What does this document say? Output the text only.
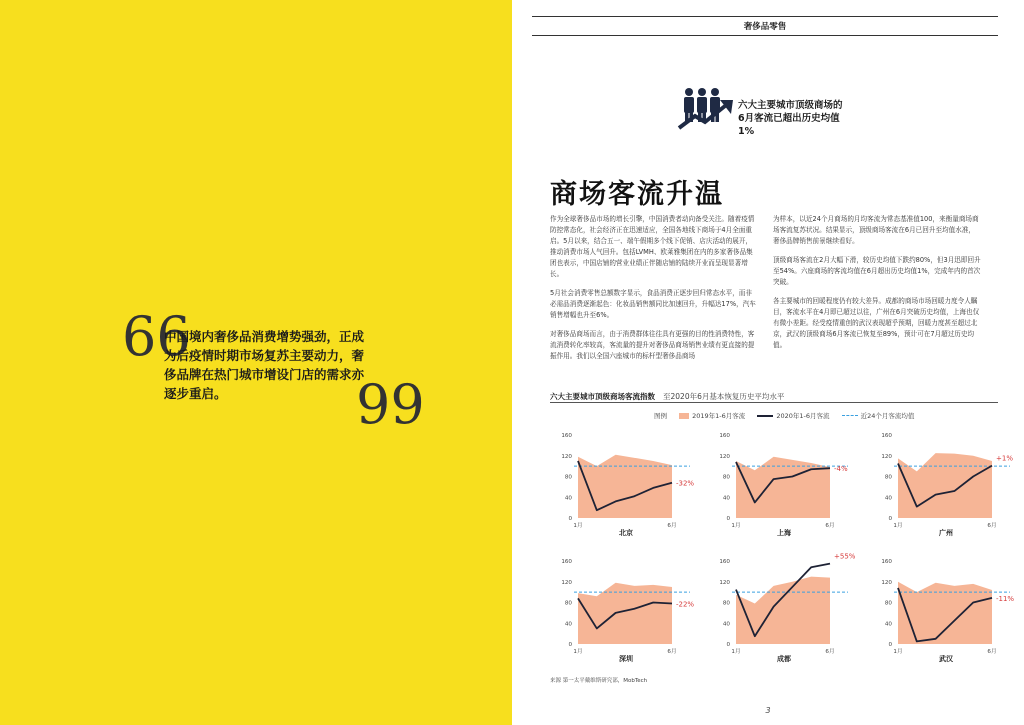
66
中国境内奢侈品消费增势强劲，正成为后疫情时期市场复苏主要动力，奢侈品牌在热门城市增设门店的需求亦逐步重启。	99
奢侈品零售
六大主要城市顶级商场的6月客流已超出历史均值1%
商场客流升温

作为全球奢侈品市场的增长引擎，中国消费者动向备受关注。随着疫情防控常态化，社会经济正在迅速适应，全国各地线下商场于4月全面重启。5月以来，结合五一、端午假期多个线下促销、店庆活动的展开，推动消费市场人气回升。包括LVMH、欧莱雅集团在内的多家奢侈品集团也表示，中国店铺的营业业绩正伴随店铺的陆续开业而呈现显著增长。

5月社会消费零售总额数字显示，食品消费正逐步回归常态水平，而非必需品消费逐渐起色：化妆品销售额同比加速回升，升幅达17%，汽车销售增幅也升至6%。

对奢侈品商场而言，由于消费群体往往具有更强的目的性消费特性，客流消费转化率较高，客流量的提升对奢侈品商场销售业绩有更直接的提振作用。我们以全国六座城市的标杆型奢侈品商场

为样本，以近24个月商场的月均客流为常态基准值100，来衡量商场商场客流复苏状况。结果显示，顶级商场客流在6月已回升至均值水准，奢侈品牌销售前景继续看好。

顶级商场客流在2月大幅下滑，较历史均值下跌约80%，但3月迅即回升至54%。六座商场的客流均值在6月超出历史均值1%，完成年内的首次突破。

各主要城市的回暖程度仍有较大差异。成都的商场市场回暖力度令人瞩目，客流水平在4月即已超过以往，广州在6月突破历史均值，上海也仅有微小差距。经受疫情重创的武汉表现超乎预期，回暖力度甚至超过北京，武汉的顶级商场6月客流已恢复至89%，预计可在7月超过历史均值。

六大主要城市顶级商场客流指数 至2020年6月基本恢复历史平均水平
图例	2019年1-6月客流	2020年1-6月客流	近24个月客流均值
0
40
80
120
160
-32%
1月	6月
北京
0
40
80
120
160
-4%
1月	6月
上海
0
40
80
120
160
+1%
1月	6月
广州
0
40
80
120
160
-22%
1月	6月
深圳
0
40
80
120
160
+55%
1月	6月
成都
0
40
80
120
160
-11%
1月	6月
武汉
来源 第一太平戴维斯研究部，MobTech
3
